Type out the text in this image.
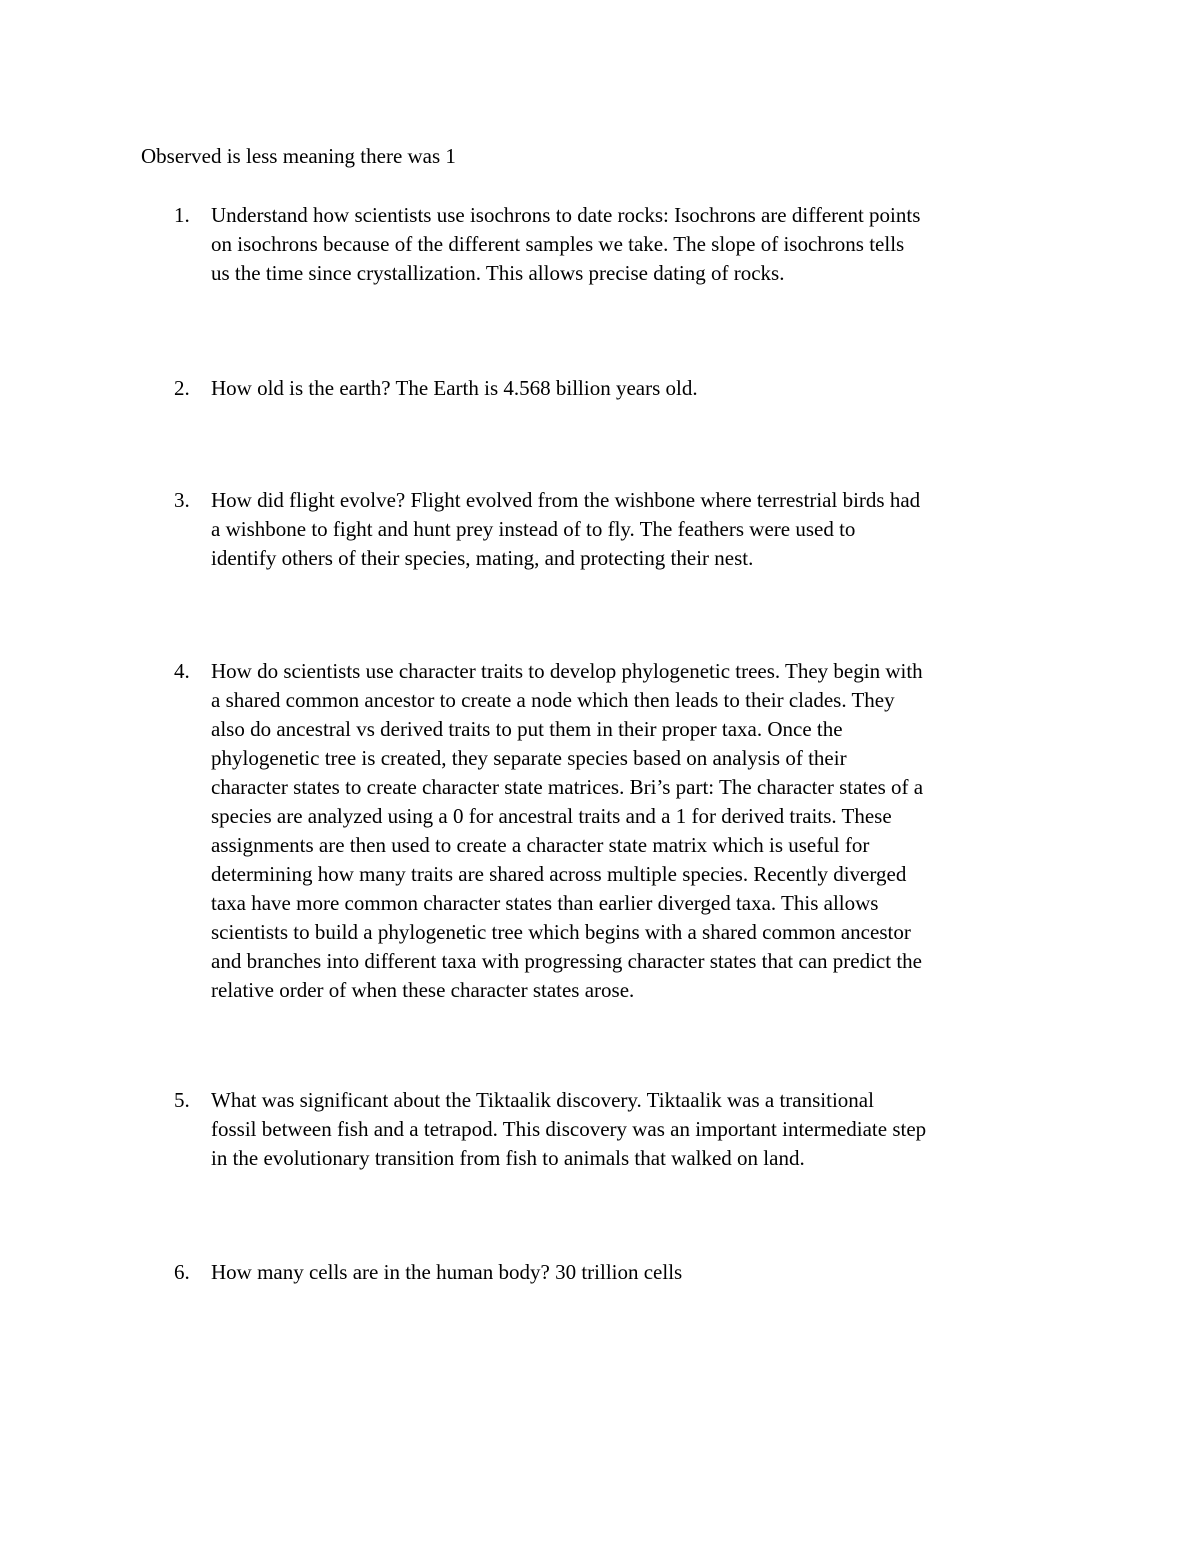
Observed is less meaning there was 1

1.	Understand how scientists use isochrons to date rocks: Isochrons are different points
on isochrons because of the different samples we take. The slope of isochrons tells
us the time since crystallization. This allows precise dating of rocks.

2.	How old is the earth? The Earth is 4.568 billion years old.

3.	How did flight evolve? Flight evolved from the wishbone where terrestrial birds had
a wishbone to fight and hunt prey instead of to fly. The feathers were used to
identify others of their species, mating, and protecting their nest.

4.	How do scientists use character traits to develop phylogenetic trees. They begin with
a shared common ancestor to create a node which then leads to their clades. They
also do ancestral vs derived traits to put them in their proper taxa. Once the
phylogenetic tree is created, they separate species based on analysis of their
character states to create character state matrices. Bri’s part: The character states of a
species are analyzed using a 0 for ancestral traits and a 1 for derived traits. These
assignments are then used to create a character state matrix which is useful for
determining how many traits are shared across multiple species. Recently diverged
taxa have more common character states than earlier diverged taxa. This allows
scientists to build a phylogenetic tree which begins with a shared common ancestor
and branches into different taxa with progressing character states that can predict the
relative order of when these character states arose.

5.	What was significant about the Tiktaalik discovery. Tiktaalik was a transitional
fossil between fish and a tetrapod. This discovery was an important intermediate step
in the evolutionary transition from fish to animals that walked on land.

6.	How many cells are in the human body? 30 trillion cells
